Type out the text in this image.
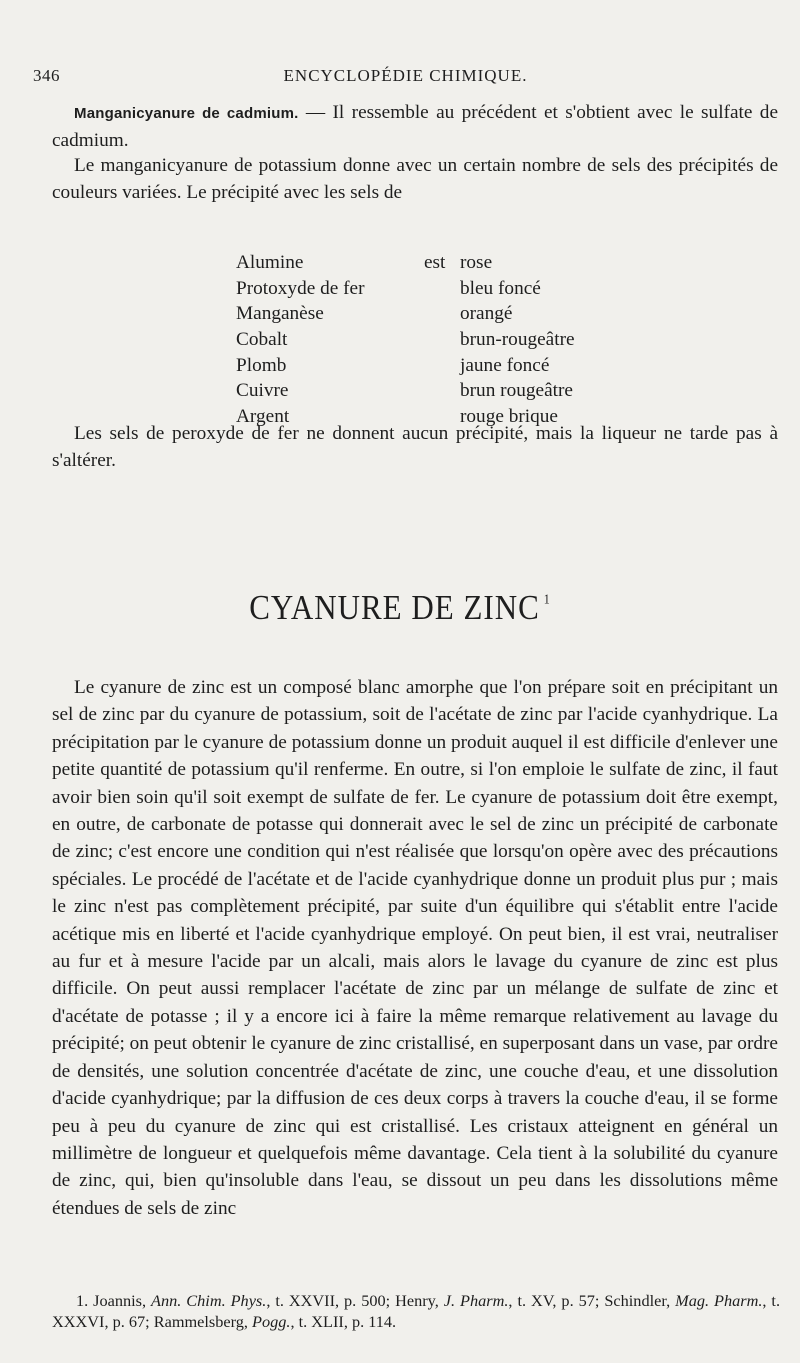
346	ENCYCLOPÉDIE CHIMIQUE.

Manganicyanure de cadmium. — Il ressemble au précédent et s'obtient avec le sulfate de cadmium.

Le manganicyanure de potassium donne avec un certain nombre de sels des précipités de couleurs variées. Le précipité avec les sels de

Alumine	est rose
Protoxyde de fer	bleu foncé
Manganèse	orangé
Cobalt	brun-rougeâtre
Plomb	jaune foncé
Cuivre	brun rougeâtre
Argent	rouge brique

Les sels de peroxyde de fer ne donnent aucun précipité, mais la liqueur ne tarde pas à s'altérer.

CYANURE DE ZINC $^1$

Le cyanure de zinc est un composé blanc amorphe que l'on prépare soit en précipitant un sel de zinc par du cyanure de potassium, soit de l'acétate de zinc par l'acide cyanhydrique. La précipitation par le cyanure de potassium donne un produit auquel il est difficile d'enlever une petite quantité de potassium qu'il renferme. En outre, si l'on emploie le sulfate de zinc, il faut avoir bien soin qu'il soit exempt de sulfate de fer. Le cyanure de potassium doit être exempt, en outre, de carbonate de potasse qui donnerait avec le sel de zinc un précipité de carbonate de zinc; c'est encore une condition qui n'est réalisée que lorsqu'on opère avec des précautions spéciales. Le procédé de l'acétate et de l'acide cyanhydrique donne un produit plus pur ; mais le zinc n'est pas complètement précipité, par suite d'un équilibre qui s'établit entre l'acide acétique mis en liberté et l'acide cyanhydrique employé. On peut bien, il est vrai, neutraliser au fur et à mesure l'acide par un alcali, mais alors le lavage du cyanure de zinc est plus difficile. On peut aussi remplacer l'acétate de zinc par un mélange de sulfate de zinc et d'acétate de potasse ; il y a encore ici à faire la même remarque relativement au lavage du précipité; on peut obtenir le cyanure de zinc cristallisé, en superposant dans un vase, par ordre de densités, une solution concentrée d'acétate de zinc, une couche d'eau, et une dissolution d'acide cyanhydrique; par la diffusion de ces deux corps à travers la couche d'eau, il se forme peu à peu du cyanure de zinc qui est cristallisé. Les cristaux atteignent en général un millimètre de longueur et quelquefois même davantage. Cela tient à la solubilité du cyanure de zinc, qui, bien qu'insoluble dans l'eau, se dissout un peu dans les dissolutions même étendues de sels de zinc

1. Joannis, Ann. Chim. Phys., t. XXVII, p. 500; Henry, J. Pharm., t. XV, p. 57; Schindler, Mag. Pharm., t. XXXVI, p. 67; Rammelsberg, Pogg., t. XLII, p. 114.
